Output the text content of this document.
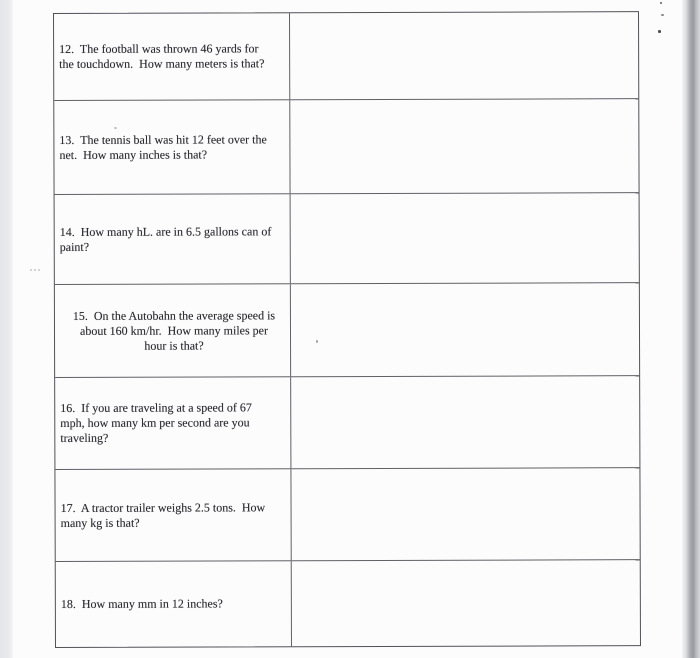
12.  The football was thrown 46 yards for
the touchdown.  How many meters is that?
13.  The tennis ball was hit 12 feet over the
net.  How many inches is that?
14.  How many hL. are in 6.5 gallons can of
paint?
15.  On the Autobahn the average speed is
about 160 km/hr.  How many miles per
hour is that?
16.  If you are traveling at a speed of 67
mph, how many km per second are you
traveling?
17.  A tractor trailer weighs 2.5 tons.  How
many kg is that?
18.  How many mm in 12 inches?
